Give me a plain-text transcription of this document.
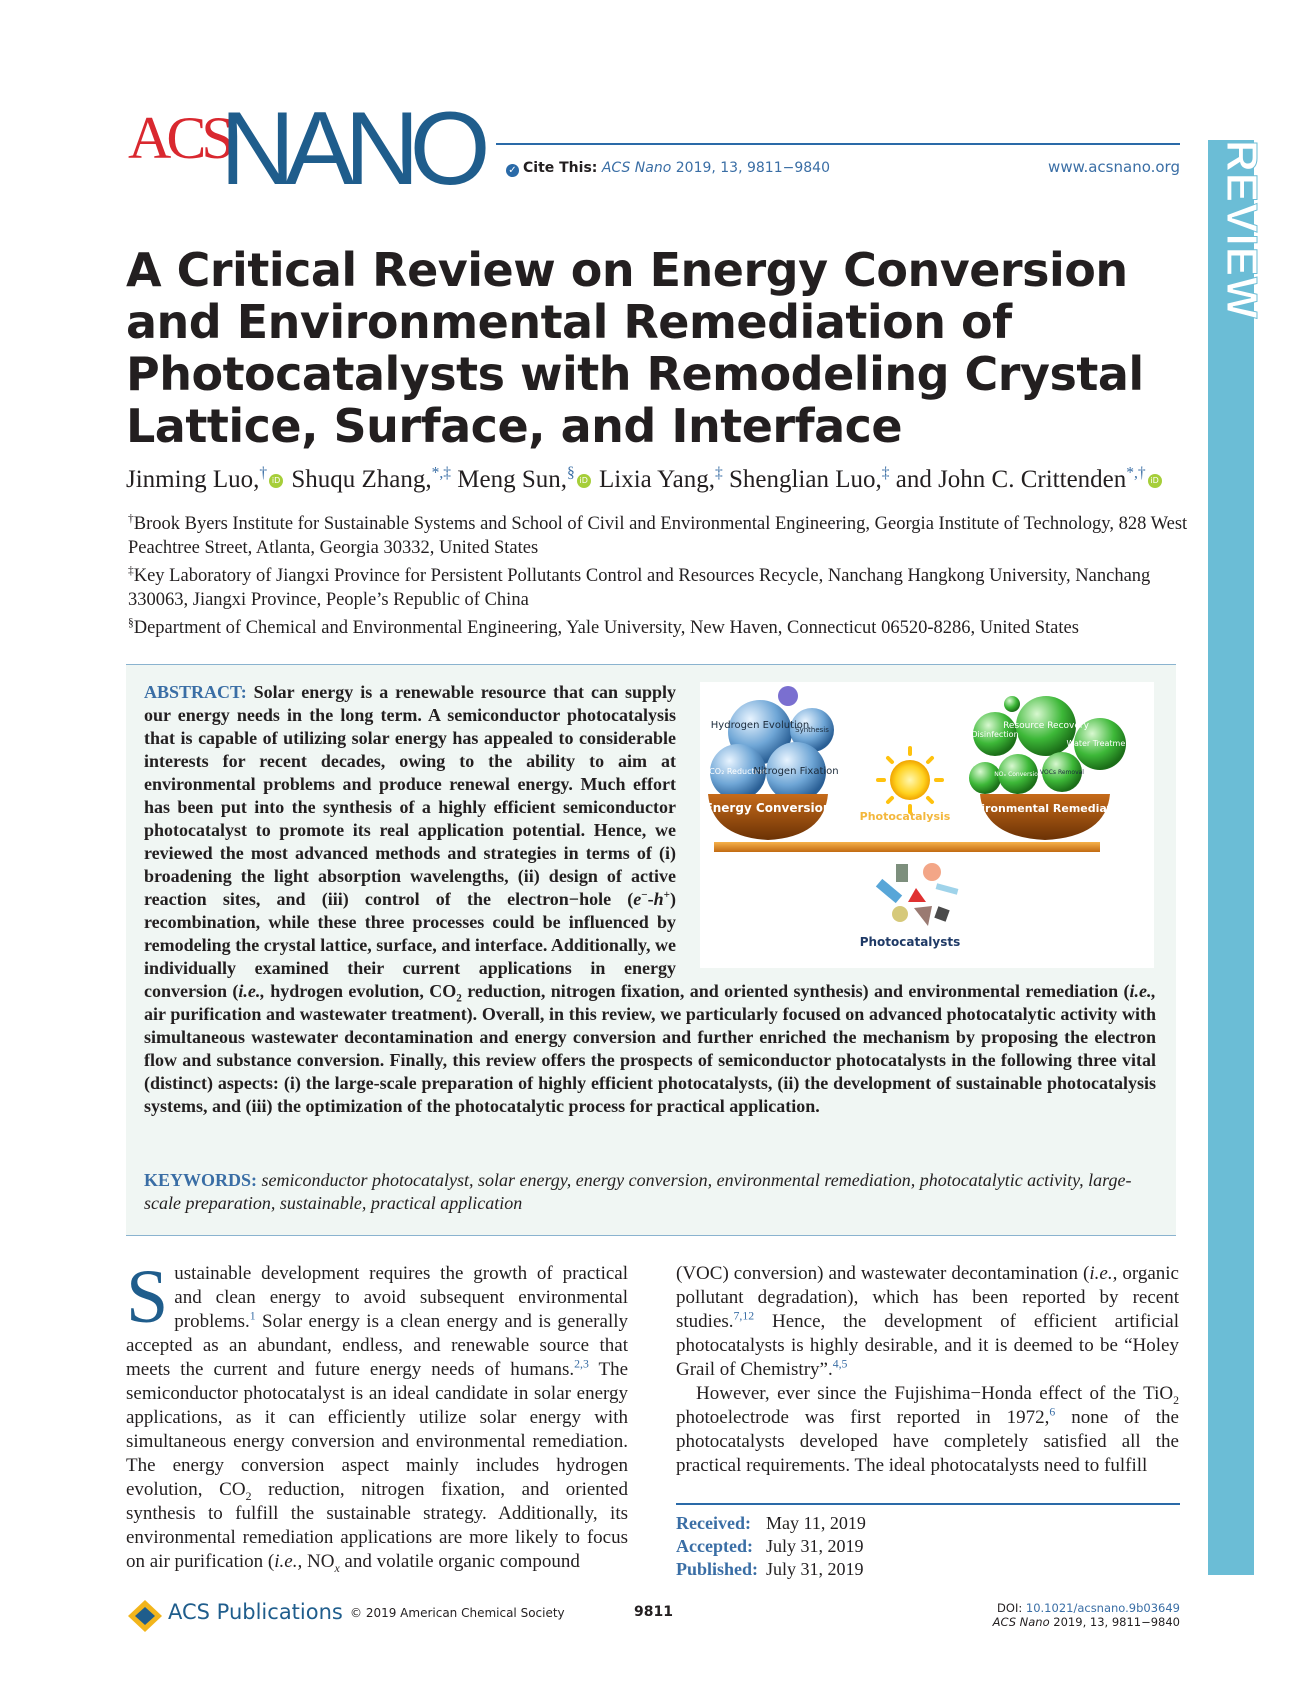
ACS
NANO	✓ Cite This: ACS Nano 2019, 13, 9811−9840	www.acsnano.org REVIEW
A Critical Review on Energy Conversion and Environmental Remediation of Photocatalysts with Remodeling Crystal Lattice, Surface, and Interface
Jinming Luo,† iD Shuqu Zhang,*,‡ Meng Sun,§ iD Lixia Yang,‡ Shenglian Luo,‡ and John C. Crittenden*,† iD
†Brook Byers Institute for Sustainable Systems and School of Civil and Environmental Engineering, Georgia Institute of Technology, 828 West Peachtree Street, Atlanta, Georgia 30332, United States
‡Key Laboratory of Jiangxi Province for Persistent Pollutants Control and Resources Recycle, Nanchang Hangkong University, Nanchang 330063, Jiangxi Province, People’s Republic of China
§Department of Chemical and Environmental Engineering, Yale University, New Haven, Connecticut 06520-8286, United States
ABSTRACT: Solar energy is a renewable resource that can supply our energy needs in the long term. A semiconductor photocatalysis that is capable of utilizing solar energy has appealed to considerable interests for recent decades, owing to the ability to aim at environmental problems and produce renewal energy. Much effort has been put into the synthesis of a highly efficient semiconductor photocatalyst to promote its real application potential. Hence, we reviewed the most advanced methods and strategies in terms of (i) broadening the light absorption wavelengths, (ii) design of active reaction sites, and (iii) control of the electron−hole (e−-h+) recombination, while these three processes could be influenced by remodeling the crystal lattice, surface, and interface. Additionally, we individually examined their current applications in energy conversion (i.e., hydrogen evolution, $CO_2$ reduction, nitrogen fixation, and oriented synthesis) and environmental remediation (i.e., air purification and wastewater treatment). Overall, in this review, we particularly focused on advanced photocatalytic activity with simultaneous wastewater decontamination and energy conversion and further enriched the mechanism by proposing the electron flow and substance conversion. Finally, this review offers the prospects of semiconductor photocatalysts in the following three vital (distinct) aspects: (i) the large-scale preparation of highly efficient photocatalysts, (ii) the development of sustainable photocatalysis systems, and (iii) the optimization of the photocatalytic process for practical application.
KEYWORDS: semiconductor photocatalyst, solar energy, energy conversion, environmental remediation, photocatalytic activity, large-scale preparation, sustainable, practical application
Hydrogen Evolution
Synthesis
CO₂ Reduction
Nitrogen Fixation
Energy Conversion
Photocatalysis
Disinfection
Resource Recovery
Water Treatment
NOₓ Conversion
VOCs Removal
Environmental Remediation
Photocatalysts
Sustainable development requires the growth of practical and clean energy to avoid subsequent environmental problems.$^1$ Solar energy is a clean energy and is generally accepted as an abundant, endless, and renewable source that meets the current and future energy needs of humans.$^{2,3}$ The semiconductor photocatalyst is an ideal candidate in solar energy applications, as it can efficiently utilize solar energy with simultaneous energy conversion and environmental remediation. The energy conversion aspect mainly includes hydrogen evolution, $CO_2$ reduction, nitrogen fixation, and oriented synthesis to fulfill the sustainable strategy. Additionally, its environmental remediation applications are more likely to focus on air purification (i.e., $NO_x$ and volatile organic compound
(VOC) conversion) and wastewater decontamination (i.e., organic pollutant degradation), which has been reported by recent studies.$^{7,12}$ Hence, the development of efficient artificial photocatalysts is highly desirable, and it is deemed to be “Holey Grail of Chemistry”.$^{4,5}$
However, ever since the Fujishima−Honda effect of the TiO$_2$ photoelectrode was first reported in 1972,$^6$ none of the photocatalysts developed have completely satisfied all the practical requirements. The ideal photocatalysts need to fulfill
Received: May 11, 2019
Accepted: July 31, 2019
Published: July 31, 2019
ACS Publications © 2019 American Chemical Society	9811	DOI: 10.1021/acsnano.9b03649
ACS Nano 2019, 13, 9811−9840
